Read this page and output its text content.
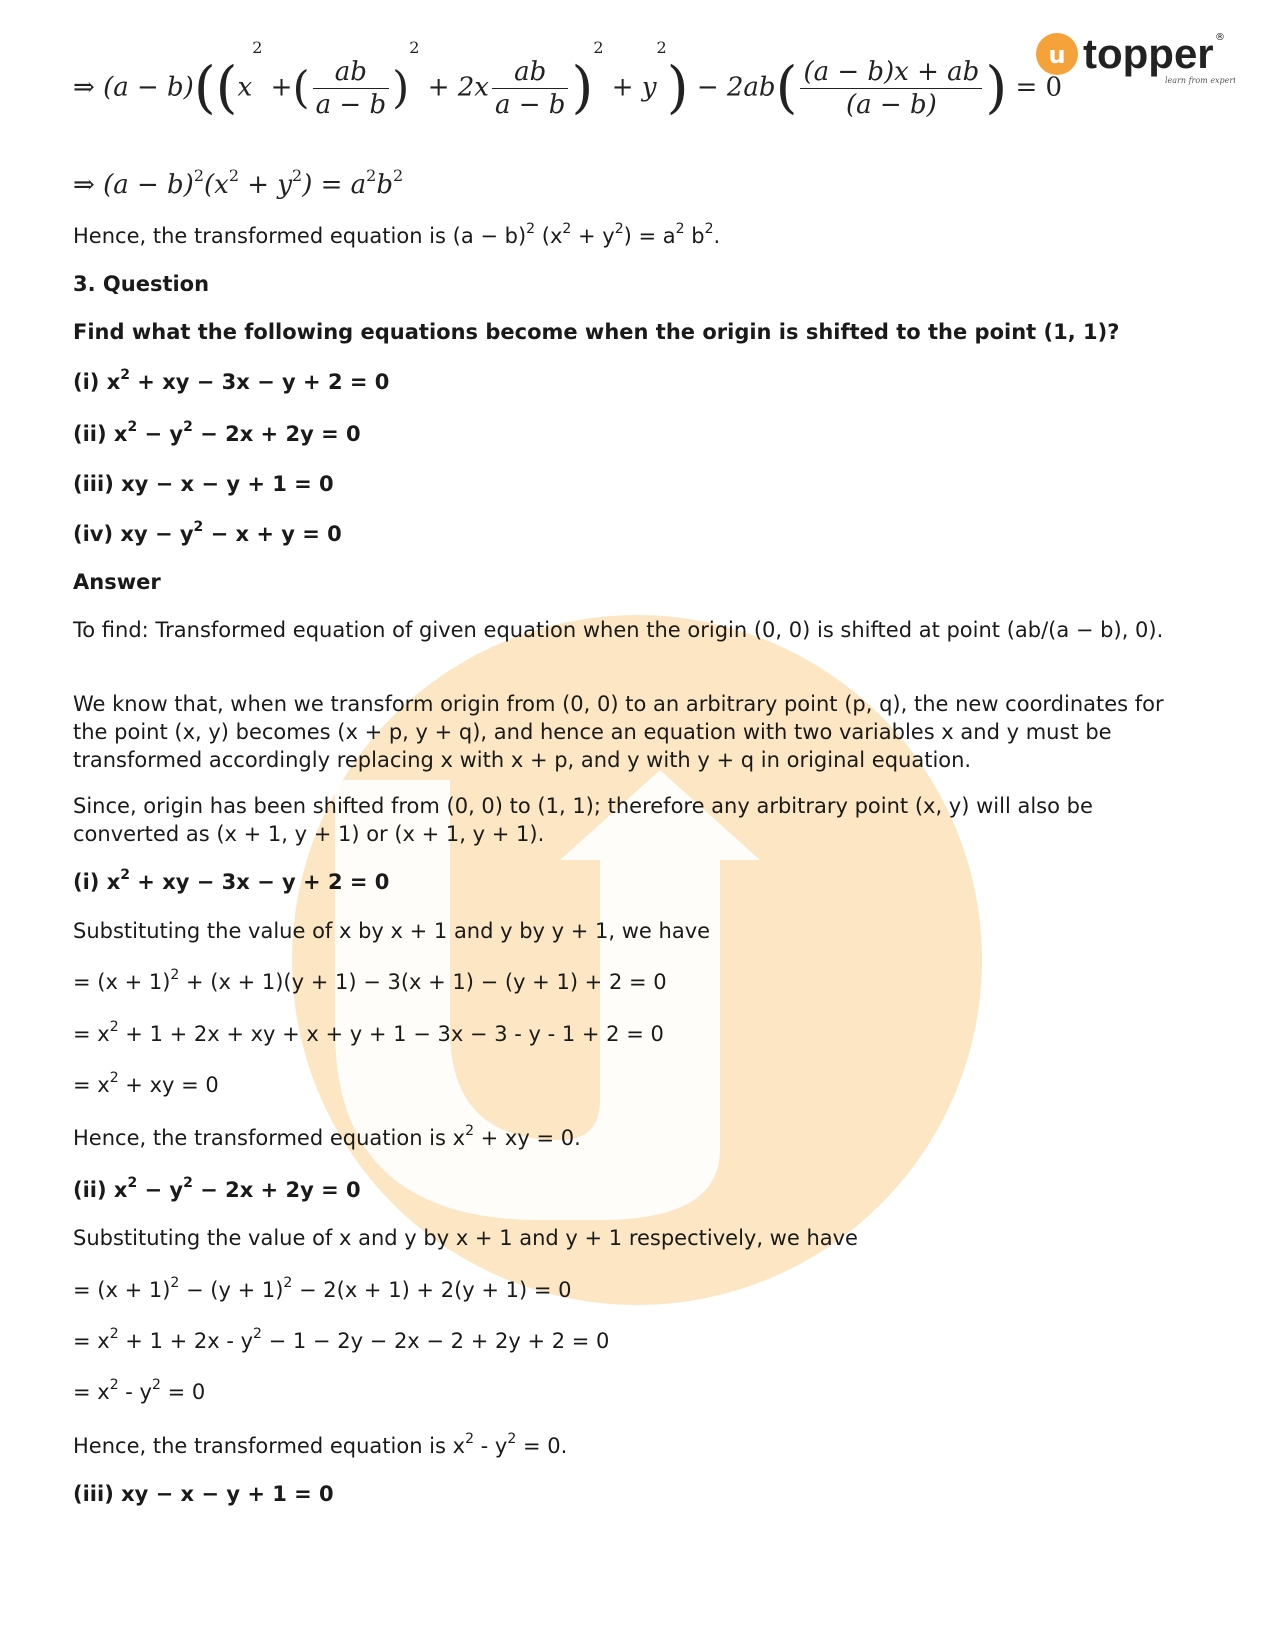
u topper
learn from experts
®
⇒ $(a - b)((x^2$ +( $\frac{ab}{a - b} )^2 + 2x \frac{ab}{a - b} )^2 + y^2) - 2ab( \frac{(a - b)x + ab}{(a - b)}$ ) = 0
⇒ $(a - b)^2(x^2 + y^2) = a^2b^2$
Hence, the transformed equation is $(a - b)^2$ $(x^2 + y^2) = a^2$ $b^2$.
3. Question
Find what the following equations become when the origin is shifted to the point (1, 1)?
(i) $x^2$ + xy − 3x − y + 2 = 0
(ii) $x^2 - y^2 - 2x + 2y = 0$
(iii) xy − x − y + 1 = 0
(iv) xy − $y^2 - x + y = 0$
Answer
To find: Transformed equation of given equation when the origin (0, 0) is shifted at point (ab/(a − b), 0).
We know that, when we transform origin from (0, 0) to an arbitrary point (p, q), the new coordinates for the point (x, y) becomes (x + p, y + q), and hence an equation with two variables x and y must be transformed accordingly replacing x with x + p, and y with y + q in original equation.
Since, origin has been shifted from (0, 0) to (1, 1); therefore any arbitrary point (x, y) will also be converted as (x + 1, y + 1) or (x + 1, y + 1).
(i) $x^2$ + xy − 3x − y + 2 = 0
Substituting the value of x by x + 1 and y by y + 1, we have
= $(x + 1)^2 + (x + 1)(y + 1) - 3(x + 1) - (y + 1) + 2 = 0$
= $x^2 + 1 + 2x$ + xy + x + y + 1 − 3x − 3 - y - 1 + 2 = 0
= $x^2$ + xy = 0
Hence, the transformed equation is $x^2$ + xy = 0.
(ii) $x^2 - y^2 - 2x + 2y = 0$
Substituting the value of x and y by x + 1 and y + 1 respectively, we have
= $(x + 1)^2 - (y + 1)^2 - 2(x + 1) + 2(y + 1) = 0$
= $x^2 + 1 + 2x - y^2 - 1 - 2y - 2x - 2 + 2y + 2 = 0$
= $x^2 - y^2 = 0$
Hence, the transformed equation is $x^2 - y^2 = 0$.
(iii) xy − x − y + 1 = 0
